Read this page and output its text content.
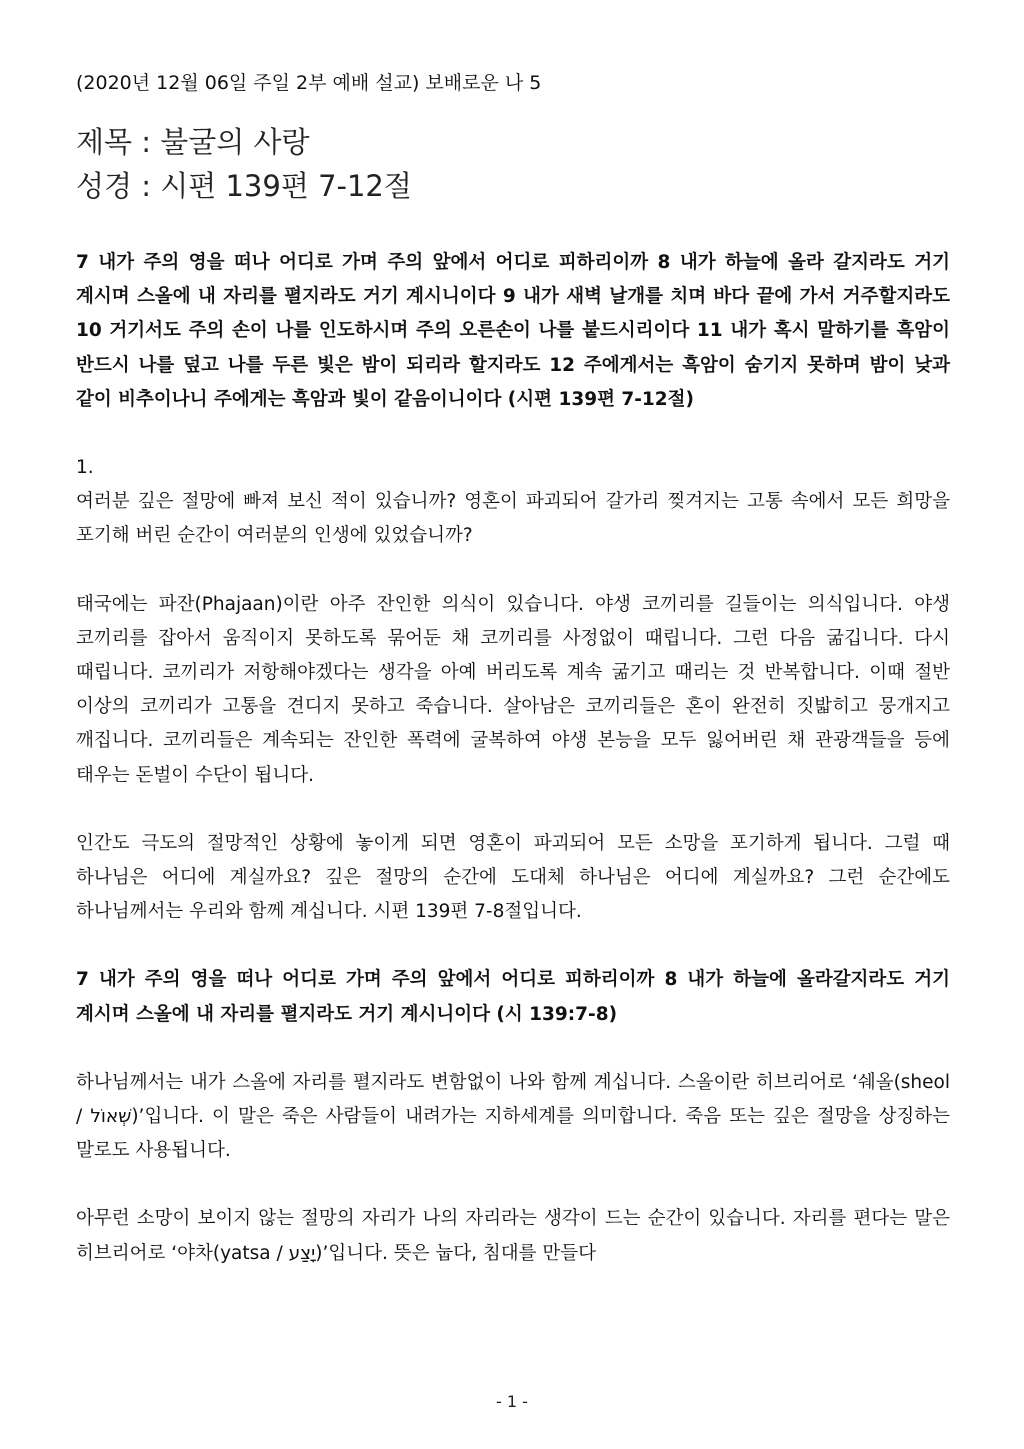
(2020년 12월 06일 주일 2부 예배 설교) 보배로운 나 5

제목 : 불굴의 사랑

성경 : 시편 139편 7-12절

7 내가 주의 영을 떠나 어디로 가며 주의 앞에서 어디로 피하리이까 8 내가 하늘에 올라 갈지라도 거기 계시며 스올에 내 자리를 펼지라도 거기 계시니이다 9 내가 새벽 날개를 치며 바다 끝에 가서 거주할지라도 10 거기서도 주의 손이 나를 인도하시며 주의 오른손이 나를 붙드시리이다 11 내가 혹시 말하기를 흑암이 반드시 나를 덮고 나를 두른 빛은 밤이 되리라 할지라도 12 주에게서는 흑암이 숨기지 못하며 밤이 낮과 같이 비추이나니 주에게는 흑암과 빛이 같음이니이다 (시편 139편 7-12절)

1.

여러분 깊은 절망에 빠져 보신 적이 있습니까? 영혼이 파괴되어 갈가리 찢겨지는 고통 속에서 모든 희망을 포기해 버린 순간이 여러분의 인생에 있었습니까?

태국에는 파잔(Phajaan)이란 아주 잔인한 의식이 있습니다. 야생 코끼리를 길들이는 의식입니다. 야생 코끼리를 잡아서 움직이지 못하도록 묶어둔 채 코끼리를 사정없이 때립니다. 그런 다음 굶깁니다. 다시 때립니다. 코끼리가 저항해야겠다는 생각을 아예 버리도록 계속 굶기고 때리는 것 반복합니다. 이때 절반 이상의 코끼리가 고통을 견디지 못하고 죽습니다. 살아남은 코끼리들은 혼이 완전히 짓밟히고 뭉개지고 깨집니다. 코끼리들은 계속되는 잔인한 폭력에 굴복하여 야생 본능을 모두 잃어버린 채 관광객들을 등에 태우는 돈벌이 수단이 됩니다.

인간도 극도의 절망적인 상황에 놓이게 되면 영혼이 파괴되어 모든 소망을 포기하게 됩니다. 그럴 때 하나님은 어디에 계실까요? 깊은 절망의 순간에 도대체 하나님은 어디에 계실까요? 그런 순간에도 하나님께서는 우리와 함께 계십니다. 시편 139편 7-8절입니다.

7 내가 주의 영을 떠나 어디로 가며 주의 앞에서 어디로 피하리이까 8 내가 하늘에 올라갈지라도 거기 계시며 스올에 내 자리를 펼지라도 거기 계시니이다 (시 139:7-8)

하나님께서는 내가 스올에 자리를 펼지라도 변함없이 나와 함께 계십니다. 스올이란 히브리어로 ‘쉐올(sheol / שְׁאוֹל)’입니다. 이 말은 죽은 사람들이 내려가는 지하세계를 의미합니다. 죽음 또는 깊은 절망을 상징하는 말로도 사용됩니다.

아무런 소망이 보이지 않는 절망의 자리가 나의 자리라는 생각이 드는 순간이 있습니다. 자리를 편다는 말은 히브리어로 ‘야차(yatsa / יָצַע)’입니다. 뜻은 눕다, 침대를 만들다

- 1 -
